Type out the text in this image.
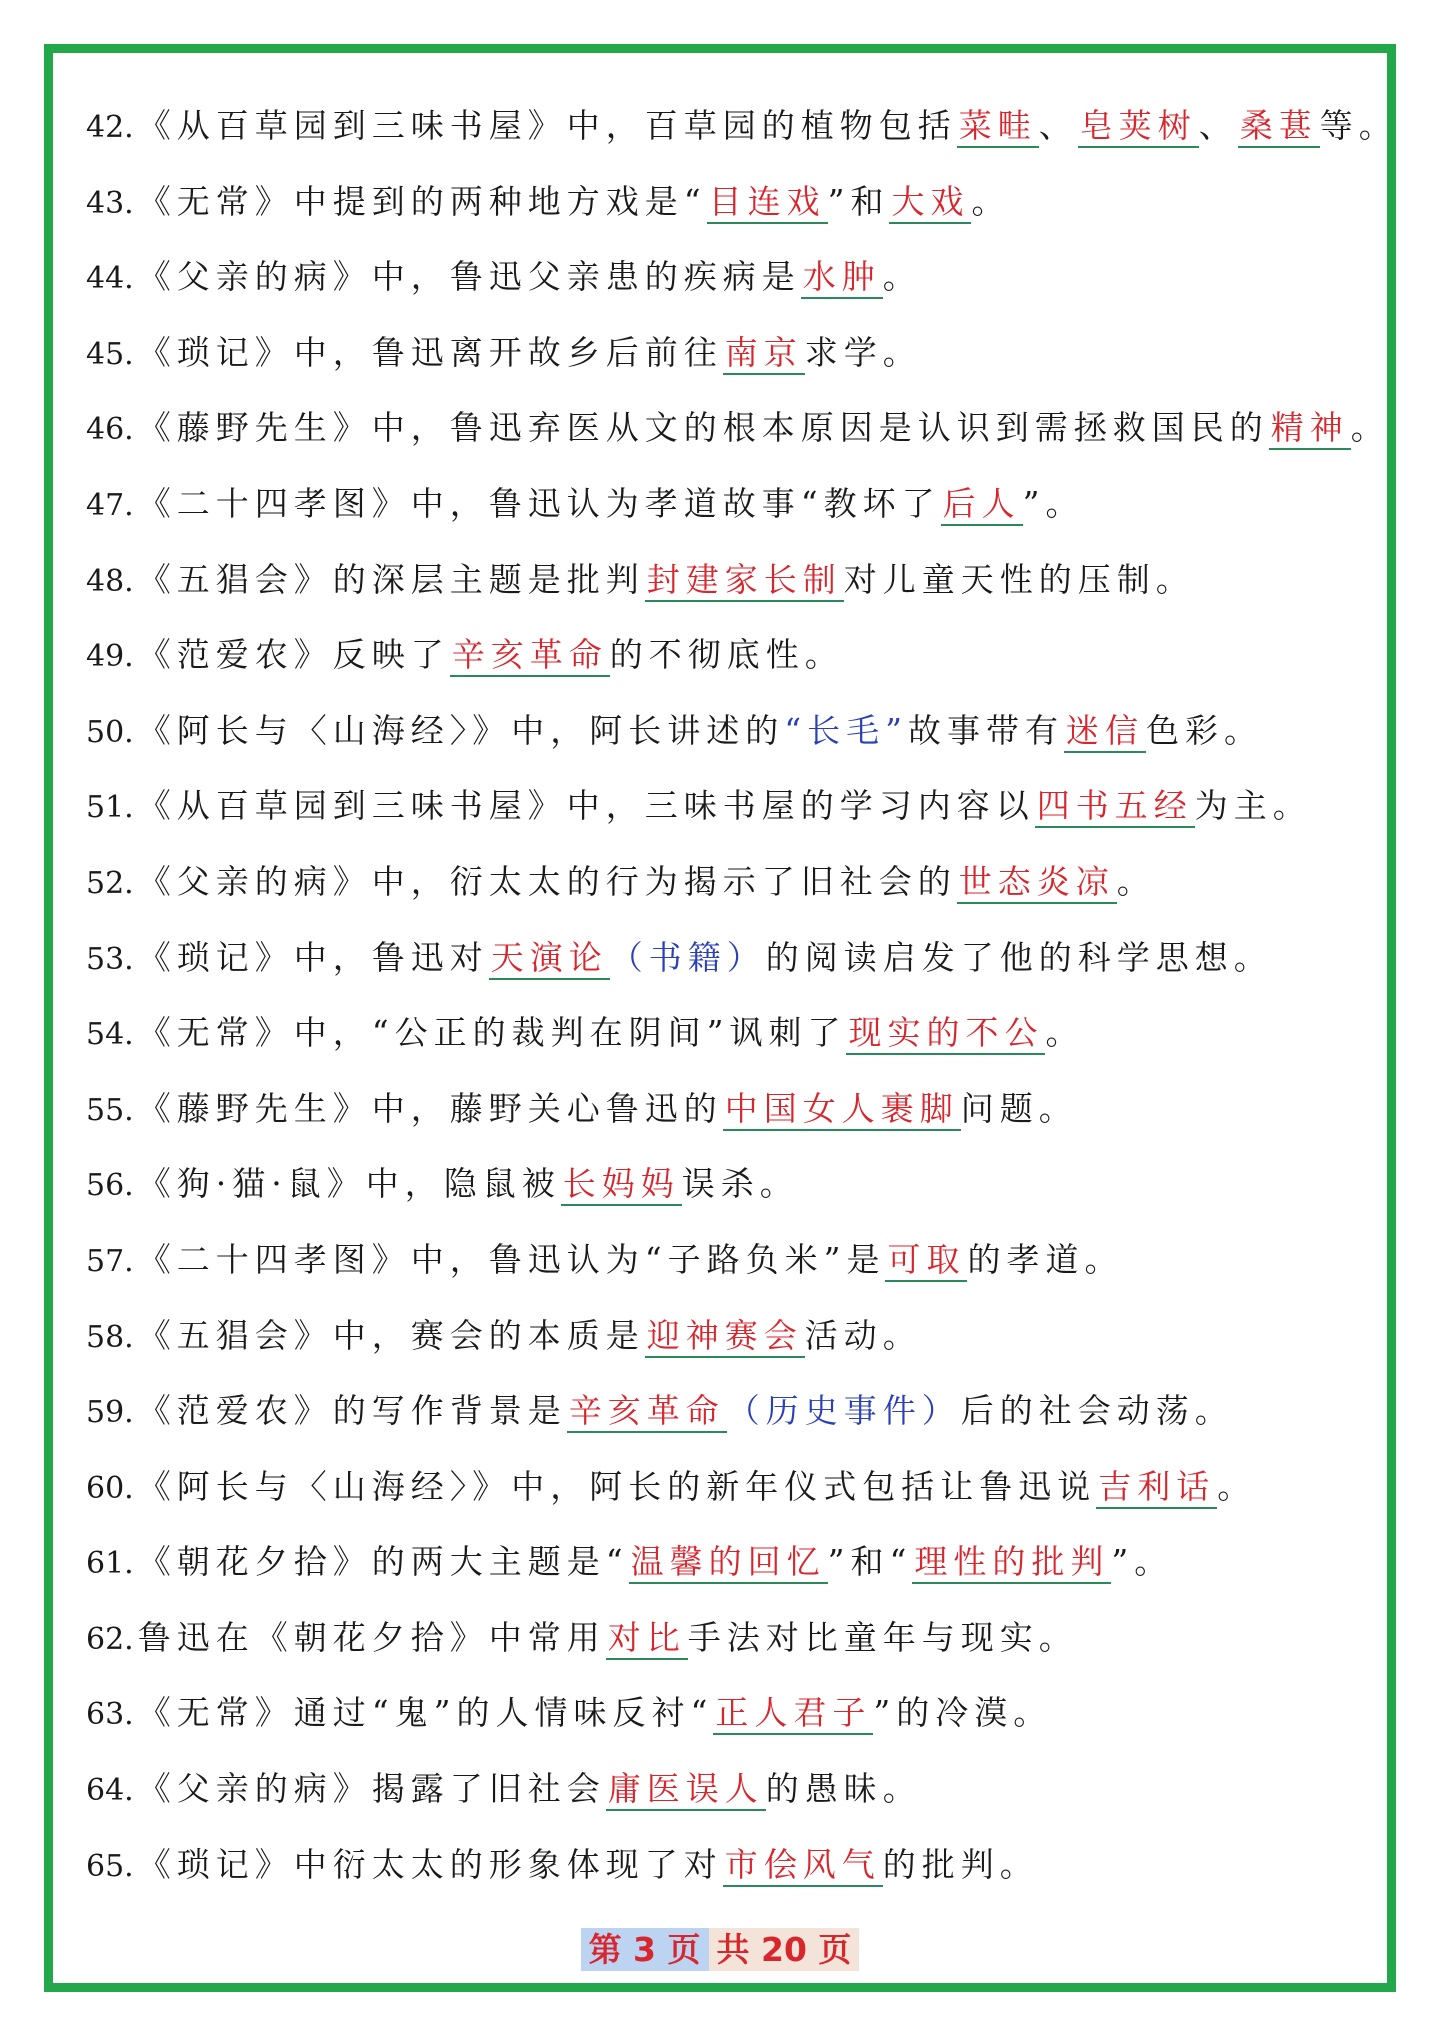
42. 《从百草园到三味书屋》中，百草园的植物包括菜畦、皂荚树、桑葚等。
43. 《无常》中提到的两种地方戏是“目连戏”和大戏。
44. 《父亲的病》中，鲁迅父亲患的疾病是水肿。
45. 《琐记》中，鲁迅离开故乡后前往南京求学。
46. 《藤野先生》中，鲁迅弃医从文的根本原因是认识到需拯救国民的精神。
47. 《二十四孝图》中，鲁迅认为孝道故事“教坏了后人”。
48. 《五猖会》的深层主题是批判封建家长制对儿童天性的压制。
49. 《范爱农》反映了辛亥革命的不彻底性。
50. 《阿长与〈山海经〉》中，阿长讲述的“长毛”故事带有迷信色彩。
51. 《从百草园到三味书屋》中，三味书屋的学习内容以四书五经为主。
52. 《父亲的病》中，衍太太的行为揭示了旧社会的世态炎凉。
53. 《琐记》中，鲁迅对天演论（书籍）的阅读启发了他的科学思想。
54. 《无常》中，“公正的裁判在阴间”讽刺了现实的不公。
55. 《藤野先生》中，藤野关心鲁迅的中国女人裹脚问题。
56. 《狗·猫·鼠》中，隐鼠被长妈妈误杀。
57. 《二十四孝图》中，鲁迅认为“子路负米”是可取的孝道。
58. 《五猖会》中，赛会的本质是迎神赛会活动。
59. 《范爱农》的写作背景是辛亥革命（历史事件）后的社会动荡。
60. 《阿长与〈山海经〉》中，阿长的新年仪式包括让鲁迅说吉利话。
61. 《朝花夕拾》的两大主题是“温馨的回忆”和“理性的批判”。
62. 鲁迅在《朝花夕拾》中常用对比手法对比童年与现实。
63. 《无常》通过“鬼”的人情味反衬“正人君子”的冷漠。
64. 《父亲的病》揭露了旧社会庸医误人的愚昧。
65. 《琐记》中衍太太的形象体现了对市侩风气的批判。
第 3 页 共 20 页
